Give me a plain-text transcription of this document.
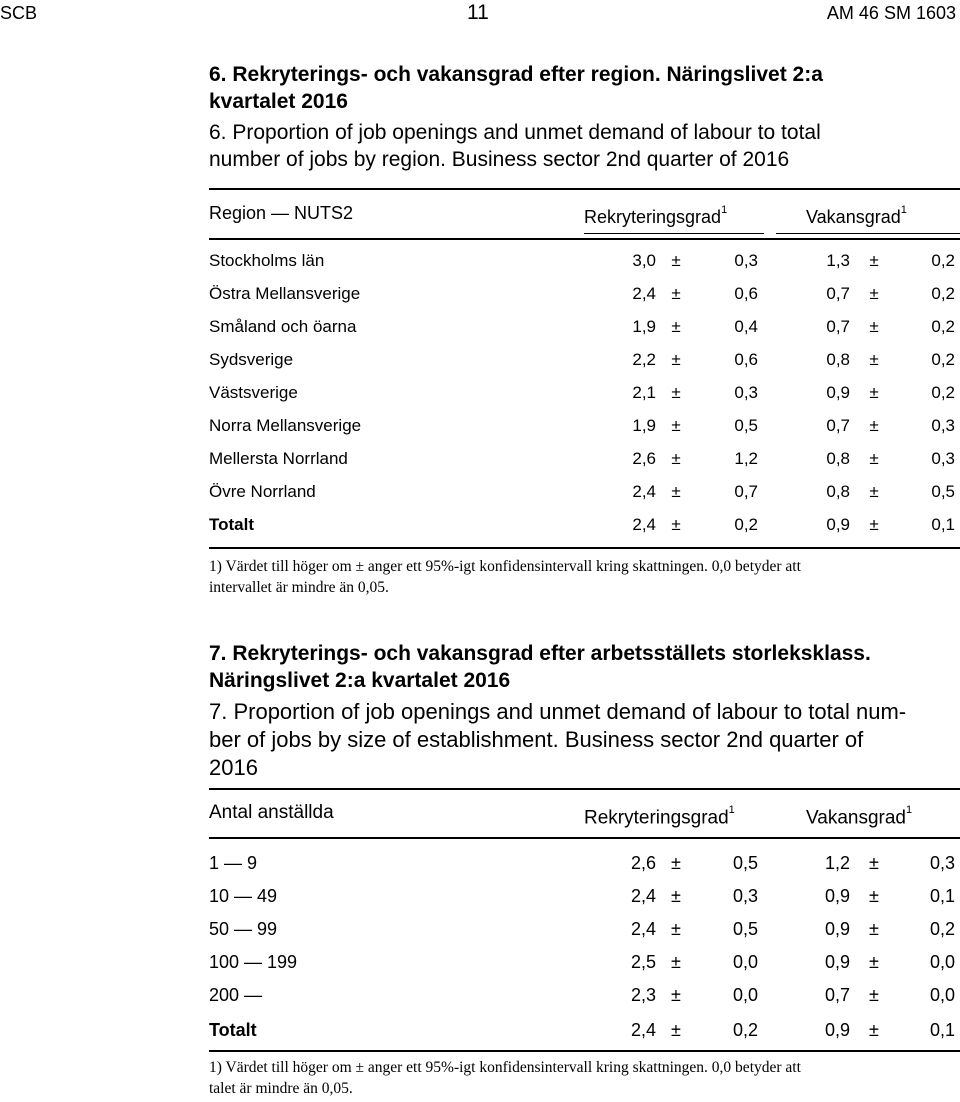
SCB	11	AM 46 SM 1603
6. Rekryterings- och vakansgrad efter region. Näringslivet 2:a
kvartalet 2016
6. Proportion of job openings and unmet demand of labour to total
number of jobs by region. Business sector 2nd quarter of 2016
Region — NUTS2	Rekryteringsgrad$^1$	Vakansgrad$^1$
Stockholms län	3,0 ±	0,3	1,3	±	0,2
Östra Mellansverige	2,4 ±	0,6	0,7	±	0,2
Småland och öarna	1,9 ±	0,4	0,7	±	0,2
Sydsverige	2,2 ±	0,6	0,8	±	0,2
Västsverige	2,1 ±	0,3	0,9	±	0,2
Norra Mellansverige	1,9 ±	0,5	0,7	±	0,3
Mellersta Norrland	2,6 ±	1,2	0,8	±	0,3
Övre Norrland	2,4 ±	0,7	0,8	±	0,5
Totalt	2,4 ±	0,2	0,9	±	0,1
1) Värdet till höger om ± anger ett 95%-igt konfidensintervall kring skattningen. 0,0 betyder att
intervallet är mindre än 0,05.
7. Rekryterings- och vakansgrad efter arbetsställets storleksklass.
Näringslivet 2:a kvartalet 2016
7. Proportion of job openings and unmet demand of labour to total num-
ber of jobs by size of establishment. Business sector 2nd quarter of
2016
Antal anställda	Rekryteringsgrad$^1$	Vakansgrad$^1$
1 — 9	2,6 ±	0,5	1,2 ±	0,3
10 — 49	2,4 ±	0,3	0,9 ±	0,1
50 — 99	2,4 ±	0,5	0,9 ±	0,2
100 — 199	2,5 ±	0,0	0,9 ±	0,0
200 —	2,3 ±	0,0	0,7 ±	0,0
Totalt	2,4 ±	0,2	0,9 ±	0,1
1) Värdet till höger om ± anger ett 95%-igt konfidensintervall kring skattningen. 0,0 betyder att
talet är mindre än 0,05.
